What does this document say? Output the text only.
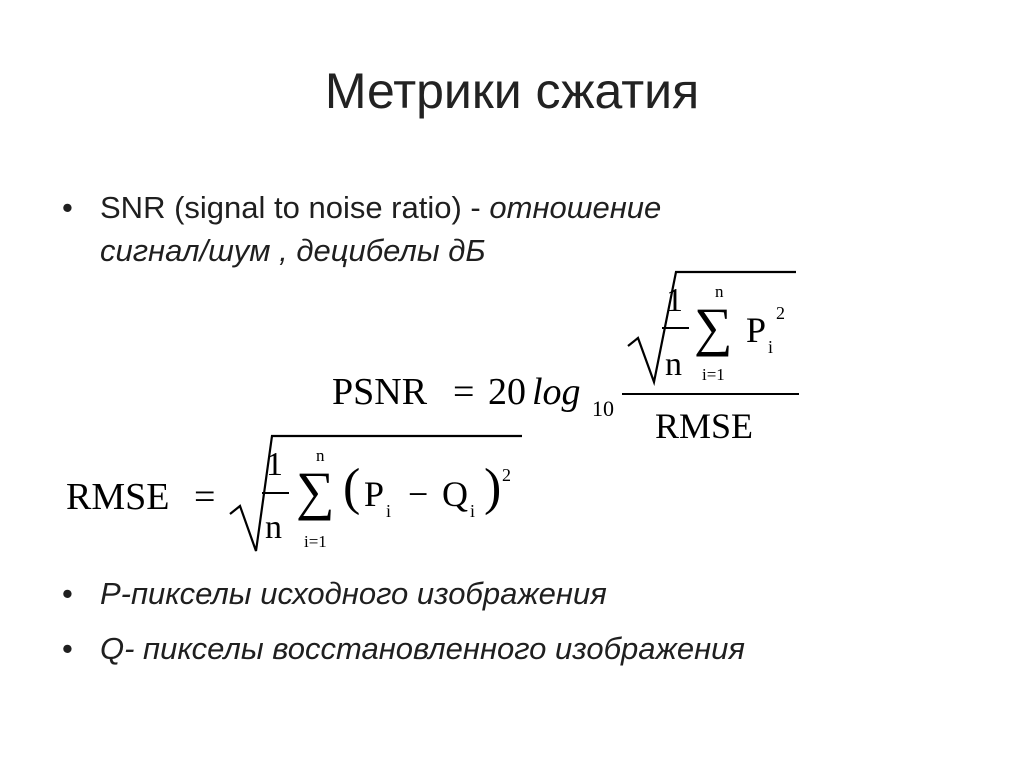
Метрики сжатия
• SNR (signal to noise ratio) - отношение
сигнал/шум , децибелы дБ
PSNR = 20 log 10
1
n
n
∑
i=1
P i
2
RMSE
RMSE =
1
n
n
∑
i=1
( P i − Q i ) 2
• P-пикселы исходного изображения
• Q- пикселы восстановленного изображения
